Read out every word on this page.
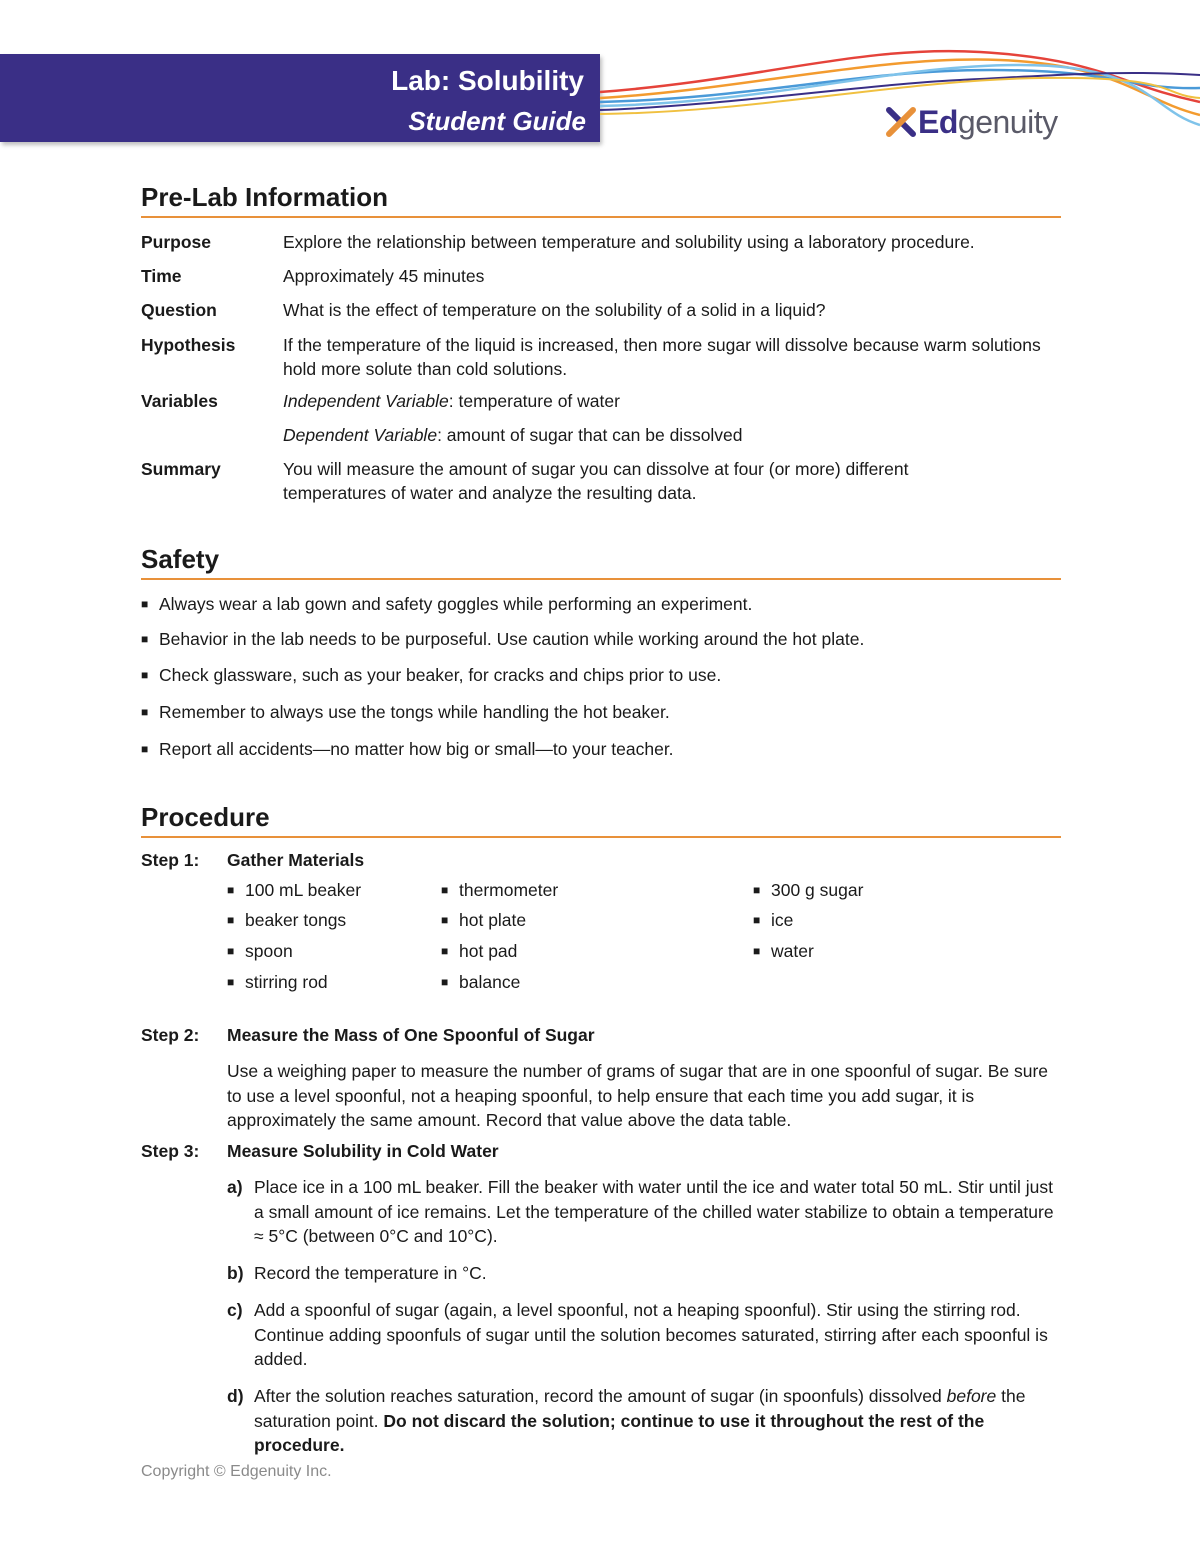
Lab: Solubility
Student Guide	Edgenuity
Pre-Lab Information
Purpose	Explore the relationship between temperature and solubility using a laboratory procedure.
Time	Approximately 45 minutes
Question	What is the effect of temperature on the solubility of a solid in a liquid?
Hypothesis	If the temperature of the liquid is increased, then more sugar will dissolve because warm solutions hold more solute than cold solutions.
Variables	Independent Variable: temperature of water
Dependent Variable: amount of sugar that can be dissolved
Summary	You will measure the amount of sugar you can dissolve at four (or more) different temperatures of water and analyze the resulting data.
Safety
■ Always wear a lab gown and safety goggles while performing an experiment.
■ Behavior in the lab needs to be purposeful. Use caution while working around the hot plate.
■ Check glassware, such as your beaker, for cracks and chips prior to use.
■ Remember to always use the tongs while handling the hot beaker.
■ Report all accidents—no matter how big or small—to your teacher.
Procedure
Step 1: Gather Materials
■ 100 mL beaker
■ beaker tongs
■ spoon
■ stirring rod
■ thermometer
■ hot plate
■ hot pad
■ balance
■ 300 g sugar
■ ice
■ water
Step 2: Measure the Mass of One Spoonful of Sugar
Use a weighing paper to measure the number of grams of sugar that are in one spoonful of sugar. Be sure to use a level spoonful, not a heaping spoonful, to help ensure that each time you add sugar, it is approximately the same amount. Record that value above the data table.
Step 3: Measure Solubility in Cold Water
a) Place ice in a 100 mL beaker. Fill the beaker with water until the ice and water total 50 mL. Stir until just a small amount of ice remains. Let the temperature of the chilled water stabilize to obtain a temperature ≈ 5°C (between 0°C and 10°C).
b) Record the temperature in °C.
c) Add a spoonful of sugar (again, a level spoonful, not a heaping spoonful). Stir using the stirring rod. Continue adding spoonfuls of sugar until the solution becomes saturated, stirring after each spoonful is added.
d) After the solution reaches saturation, record the amount of sugar (in spoonfuls) dissolved before the saturation point. Do not discard the solution; continue to use it throughout the rest of the procedure.
Copyright © Edgenuity Inc.
